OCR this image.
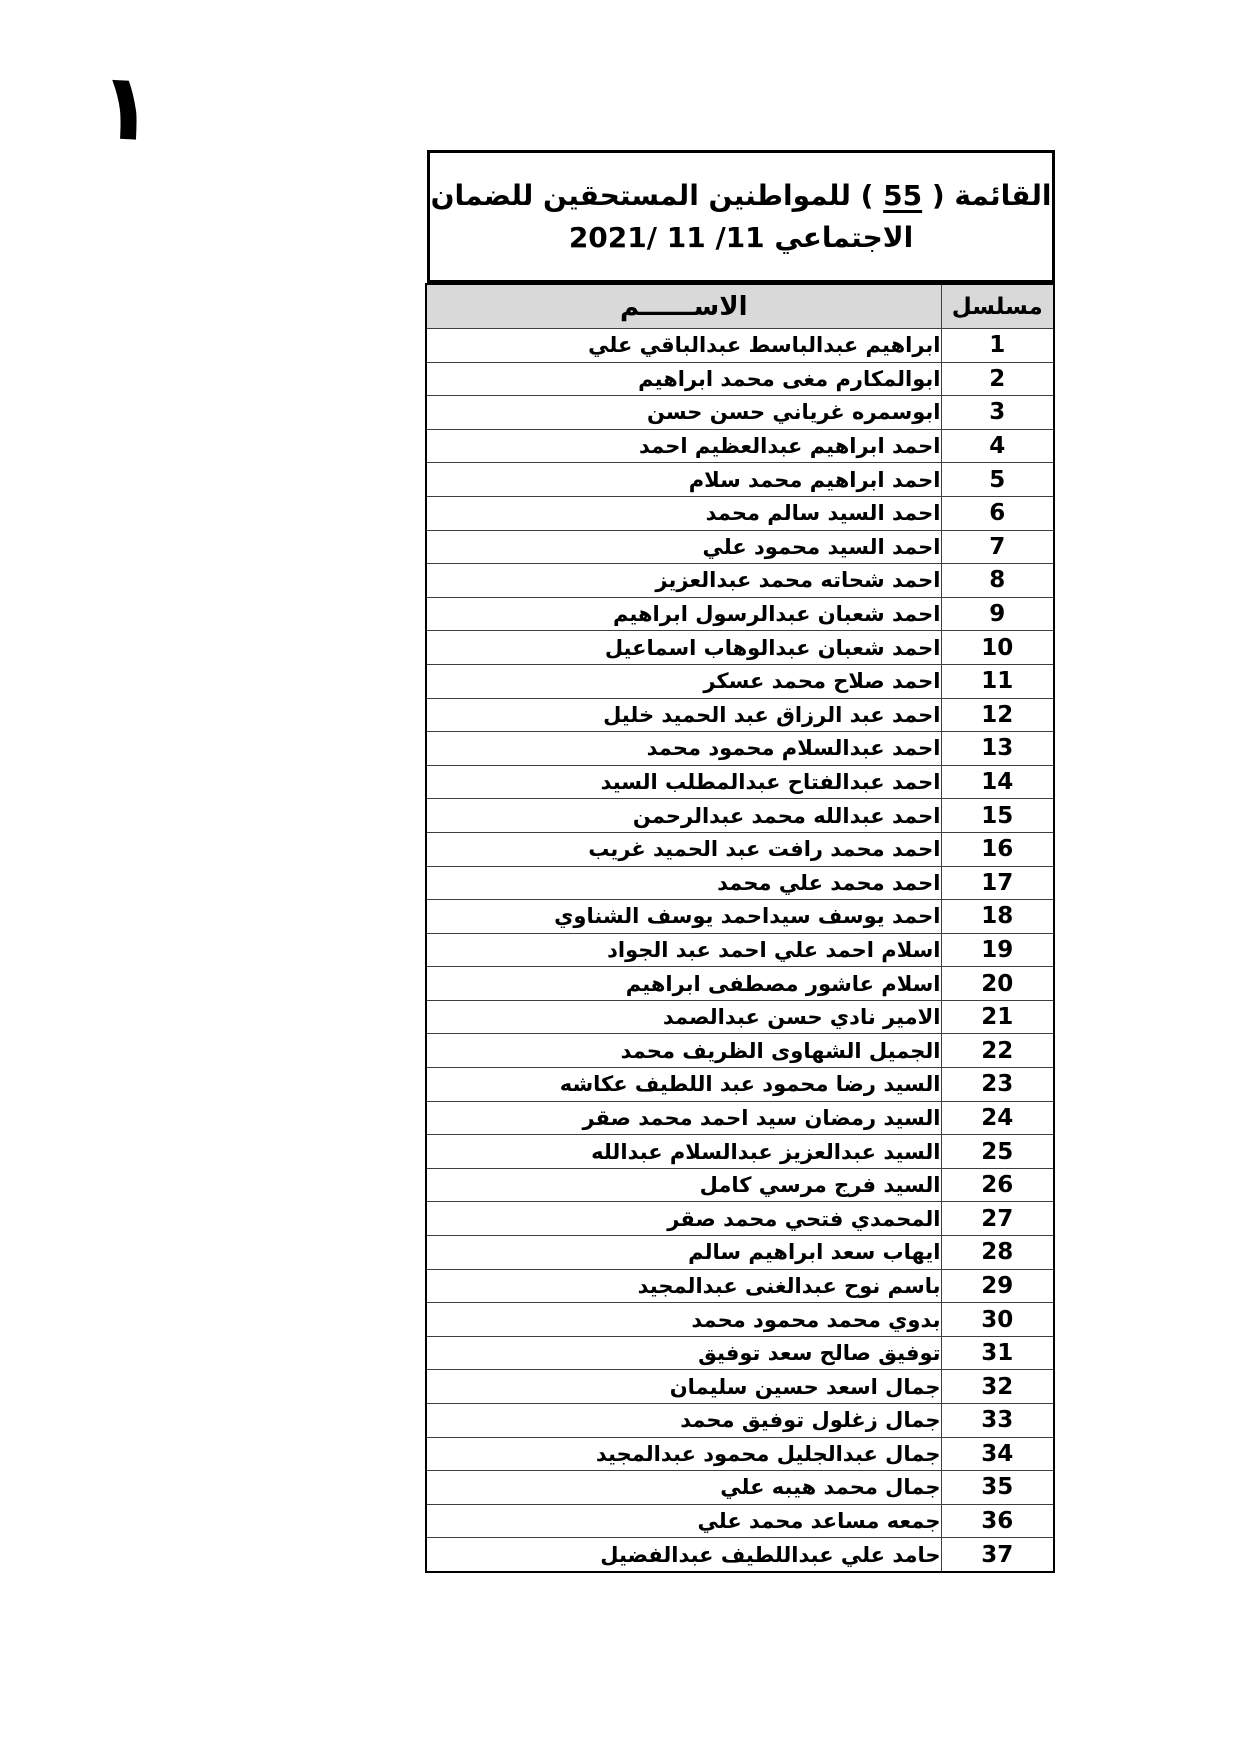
١
القائمة ( 55 ) للمواطنين المستحقين للضمان
الاجتماعي 11/ 11 /2021
مسلسل	الاســــــم
1	ابراهيم عبدالباسط عبدالباقي علي
2	ابوالمكارم مغى محمد ابراهيم
3	ابوسمره غرياني حسن حسن
4	احمد ابراهيم عبدالعظيم احمد
5	احمد ابراهيم محمد سلام
6	احمد السيد سالم محمد
7	احمد السيد محمود علي
8	احمد شحاته محمد عبدالعزيز
9	احمد شعبان عبدالرسول ابراهيم
10	احمد شعبان عبدالوهاب اسماعيل
11	احمد صلاح محمد عسكر
12	احمد عبد الرزاق عبد الحميد خليل
13	احمد عبدالسلام محمود محمد
14	احمد عبدالفتاح عبدالمطلب السيد
15	احمد عبدالله محمد عبدالرحمن
16	احمد محمد رافت عبد الحميد غريب
17	احمد محمد علي محمد
18	احمد يوسف سيداحمد يوسف الشناوي
19	اسلام احمد علي احمد عبد الجواد
20	اسلام عاشور مصطفى ابراهيم
21	الامير نادي حسن عبدالصمد
22	الجميل الشهاوى الظريف محمد
23	السيد رضا محمود عبد اللطيف عكاشه
24	السيد رمضان سيد احمد محمد صقر
25	السيد عبدالعزيز عبدالسلام عبدالله
26	السيد فرج مرسي كامل
27	المحمدي فتحي محمد صقر
28	ايهاب سعد ابراهيم سالم
29	باسم نوح عبدالغنى عبدالمجيد
30	بدوي محمد محمود محمد
31	توفيق صالح سعد توفيق
32	جمال اسعد حسين سليمان
33	جمال زغلول توفيق محمد
34	جمال عبدالجليل محمود عبدالمجيد
35	جمال محمد هيبه علي
36	جمعه مساعد محمد علي
37	حامد علي عبداللطيف عبدالفضيل
